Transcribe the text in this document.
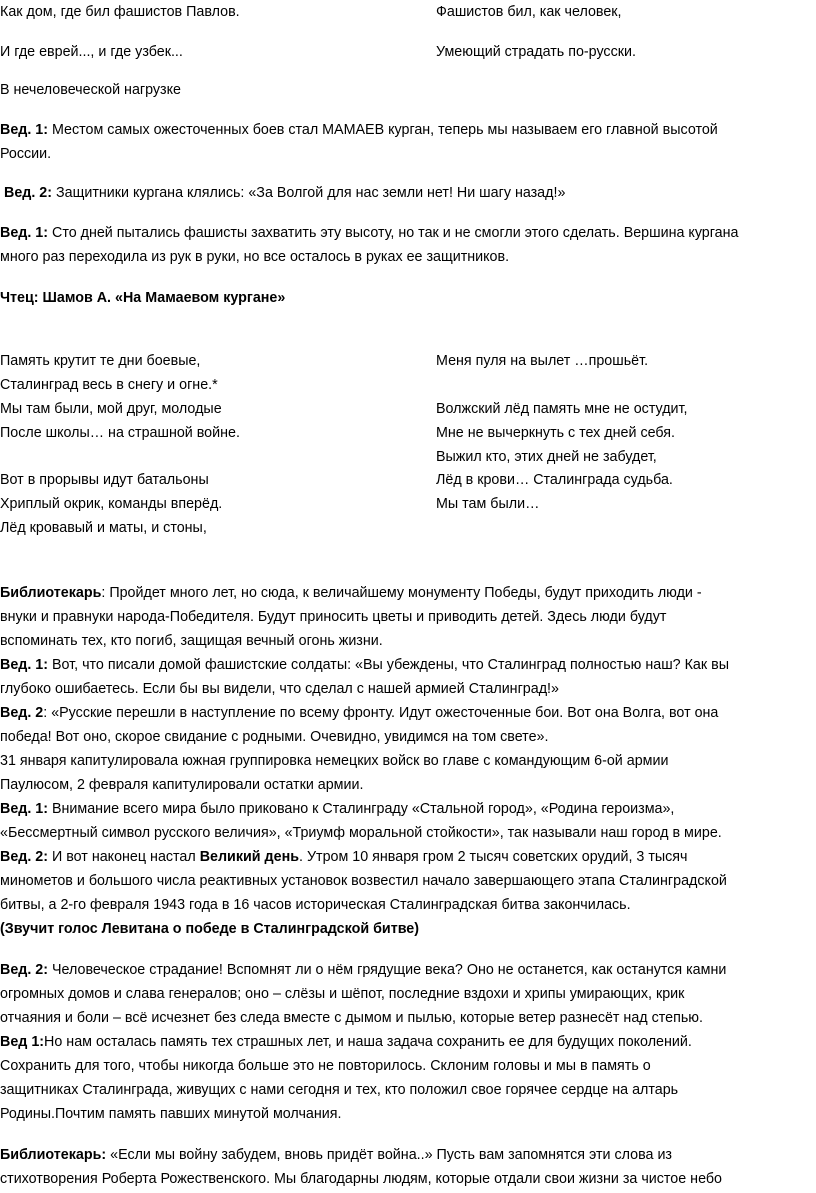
Как дом, где бил фашистов Павлов.	Фашистов бил, как человек,
И где еврей..., и где узбек...	Умеющий страдать по-русски.
В нечеловеческой нагрузке
Вед. 1: Местом самых ожесточенных боев стал МАМАЕВ курган, теперь мы называем его главной высотой
России.
Вед. 2: Защитники кургана клялись: «За Волгой для нас земли нет! Ни шагу назад!»
Вед. 1: Сто дней пытались фашисты захватить эту высоту, но так и не смогли этого сделать. Вершина кургана
много раз переходила из рук в руки, но все осталось в руках ее защитников.
Чтец: Шамов А. «На Мамаевом кургане»
Память крутит те дни боевые,
Сталинград весь в снегу и огне.*
Мы там были, мой друг, молодые
После школы… на страшной войне.
Вот в прорывы идут батальоны
Хриплый окрик, команды вперёд.
Лёд кровавый и маты, и стоны,
Меня пуля на вылет …прошьёт.
Волжский лёд память мне не остудит,
Мне не вычеркнуть с тех дней себя.
Выжил кто, этих дней не забудет,
Лёд в крови… Сталинграда судьба.
Мы там были…
Библиотекарь: Пройдет много лет, но сюда, к величайшему монументу Победы, будут приходить люди -
внуки и правнуки народа-Победителя. Будут приносить цветы и приводить детей. Здесь люди будут
вспоминать тех, кто погиб, защищая вечный огонь жизни.
Вед. 1: Вот, что писали домой фашистские солдаты: «Вы убеждены, что Сталинград полностью наш? Как вы
глубоко ошибаетесь. Если бы вы видели, что сделал с нашей армией Сталинград!»
Вед. 2: «Русские перешли в наступление по всему фронту. Идут ожесточенные бои. Вот она Волга, вот она
победа! Вот оно, скорое свидание с родными. Очевидно, увидимся на том свете».
31 января капитулировала южная группировка немецких войск во главе с командующим 6-ой армии
Паулюсом, 2 февраля капитулировали остатки армии.
Вед. 1: Внимание всего мира было приковано к Сталинграду «Стальной город», «Родина героизма»,
«Бессмертный символ русского величия», «Триумф моральной стойкости», так называли наш город в мире.
Вед. 2: И вот наконец настал Великий день. Утром 10 января гром 2 тысяч советских орудий, 3 тысяч
минометов и большого числа реактивных установок возвестил начало завершающего этапа Сталинградской
битвы, а 2-го февраля 1943 года в 16 часов историческая Сталинградская битва закончилась.
(Звучит голос Левитана о победе в Сталинградской битве)
Вед. 2: Человеческое страдание! Вспомнят ли о нём грядущие века? Оно не останется, как останутся камни
огромных домов и слава генералов; оно – слёзы и шёпот, последние вздохи и хрипы умирающих, крик
отчаяния и боли – всё исчезнет без следа вместе с дымом и пылью, которые ветер разнесёт над степью.
Вед 1:Но нам осталась память тех страшных лет, и наша задача сохранить ее для будущих поколений.
Сохранить для того, чтобы никогда больше это не повторилось. Склоним головы и мы в память о
защитниках Сталинграда, живущих с нами сегодня и тех, кто положил свое горячее сердце на алтарь
Родины.Почтим память павших минутой молчания.
Библиотекарь: «Если мы войну забудем, вновь придёт война..» Пусть вам запомнятся эти слова из
стихотворения Роберта Рожественского. Мы благодарны людям, которые отдали свои жизни за чистое небо
